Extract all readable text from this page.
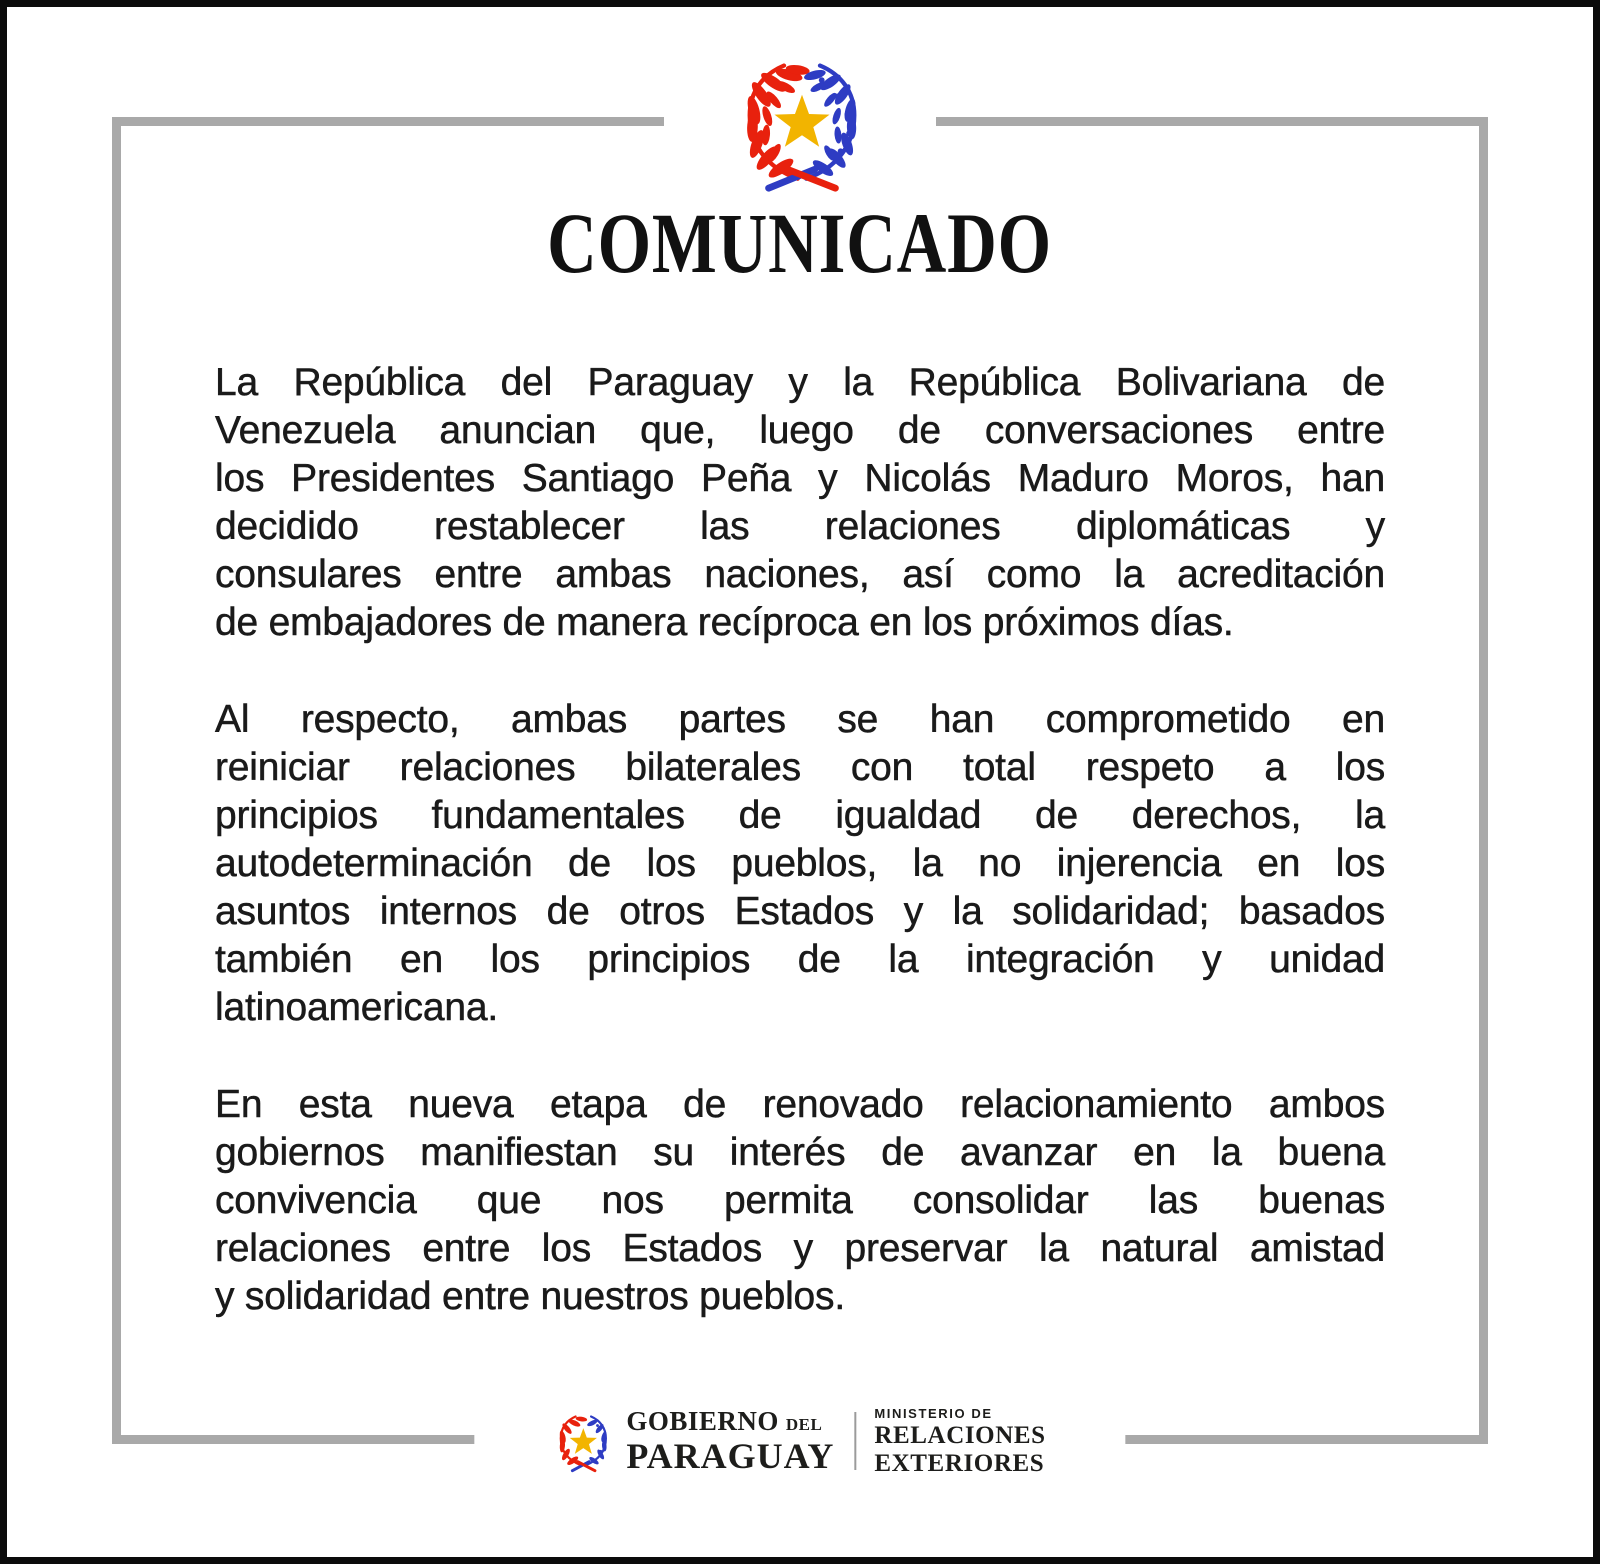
COMUNICADO
La República del Paraguay y la República Bolivariana de
Venezuela anuncian que, luego de conversaciones entre
los Presidentes Santiago Peña y Nicolás Maduro Moros, han
decidido restablecer las relaciones diplomáticas y
consulares entre ambas naciones, así como la acreditación
de embajadores de manera recíproca en los próximos días.
Al respecto, ambas partes se han comprometido en
reiniciar relaciones bilaterales con total respeto a los
principios fundamentales de igualdad de derechos, la
autodeterminación de los pueblos, la no injerencia en los
asuntos internos de otros Estados y la solidaridad; basados
también en los principios de la integración y unidad
latinoamericana.
En esta nueva etapa de renovado relacionamiento ambos
gobiernos manifiestan su interés de avanzar en la buena
convivencia que nos permita consolidar las buenas
relaciones entre los Estados y preservar la natural amistad
y solidaridad entre nuestros pueblos.
GOBIERNO DEL
PARAGUAY
MINISTERIO DE
RELACIONES
EXTERIORES
